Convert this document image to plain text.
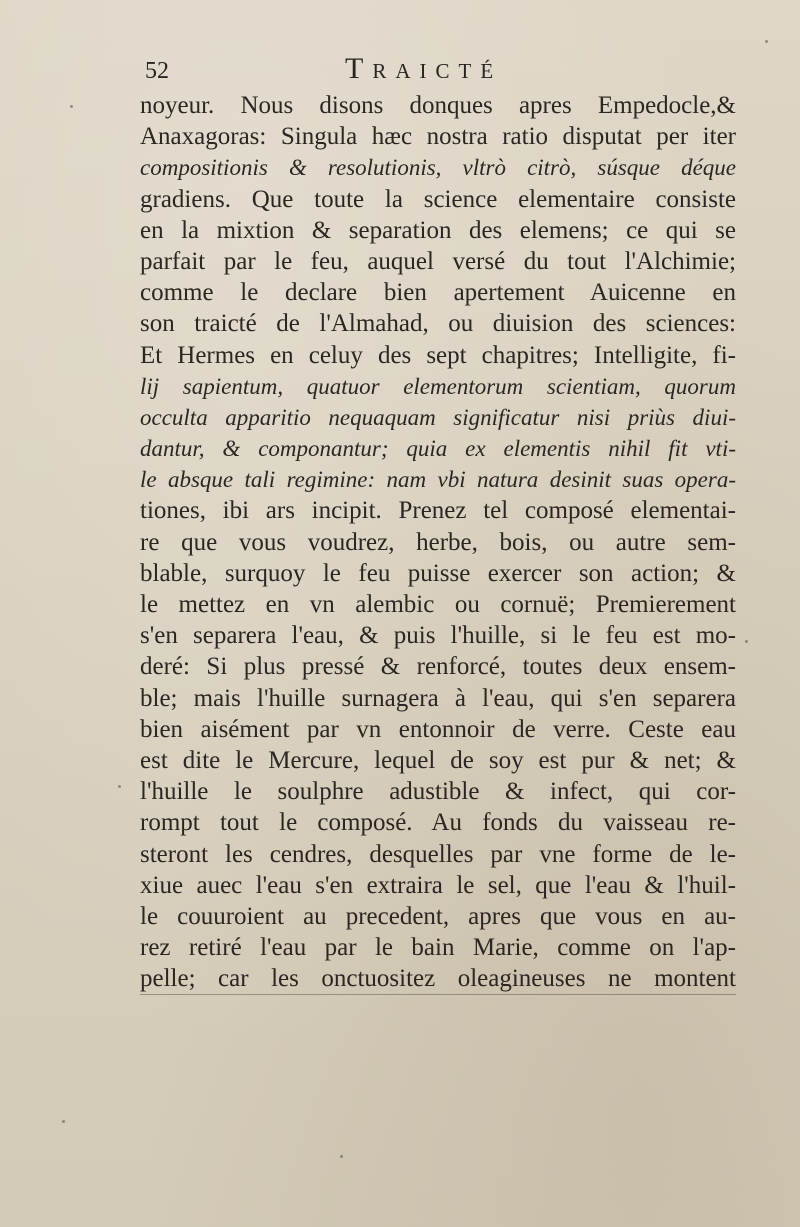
52	Traicté
noyeur. Nous disons donques apres Empedocle,&
Anaxagoras: Singula hæc nostra ratio disputat per iter
compositionis & resolutionis, vltrò citrò, súsque déque
gradiens. Que toute la science elementaire consiste
en la mixtion & separation des elemens; ce qui se
parfait par le feu, auquel versé du tout l'Alchimie;
comme le declare bien apertement Auicenne en
son traicté de l'Almahad, ou diuision des sciences:
Et Hermes en celuy des sept chapitres; Intelligite, fi-
lij sapientum, quatuor elementorum scientiam, quorum
occulta apparitio nequaquam significatur nisi priùs diui-
dantur, & componantur; quia ex elementis nihil fit vti-
le absque tali regimine: nam vbi natura desinit suas opera-
tiones, ibi ars incipit. Prenez tel composé elementai-
re que vous voudrez, herbe, bois, ou autre sem-
blable, surquoy le feu puisse exercer son action; &
le mettez en vn alembic ou cornuë; Premierement
s'en separera l'eau, & puis l'huille, si le feu est mo-
deré: Si plus pressé & renforcé, toutes deux ensem-
ble; mais l'huille surnagera à l'eau, qui s'en separera
bien aisément par vn entonnoir de verre. Ceste eau
est dite le Mercure, lequel de soy est pur & net; &
l'huille le soulphre adustible & infect, qui cor-
rompt tout le composé. Au fonds du vaisseau re-
steront les cendres, desquelles par vne forme de le-
xiue auec l'eau s'en extraira le sel, que l'eau & l'huil-
le couuroient au precedent, apres que vous en au-
rez retiré l'eau par le bain Marie, comme on l'ap-
pelle; car les onctuositez oleagineuses ne montent
